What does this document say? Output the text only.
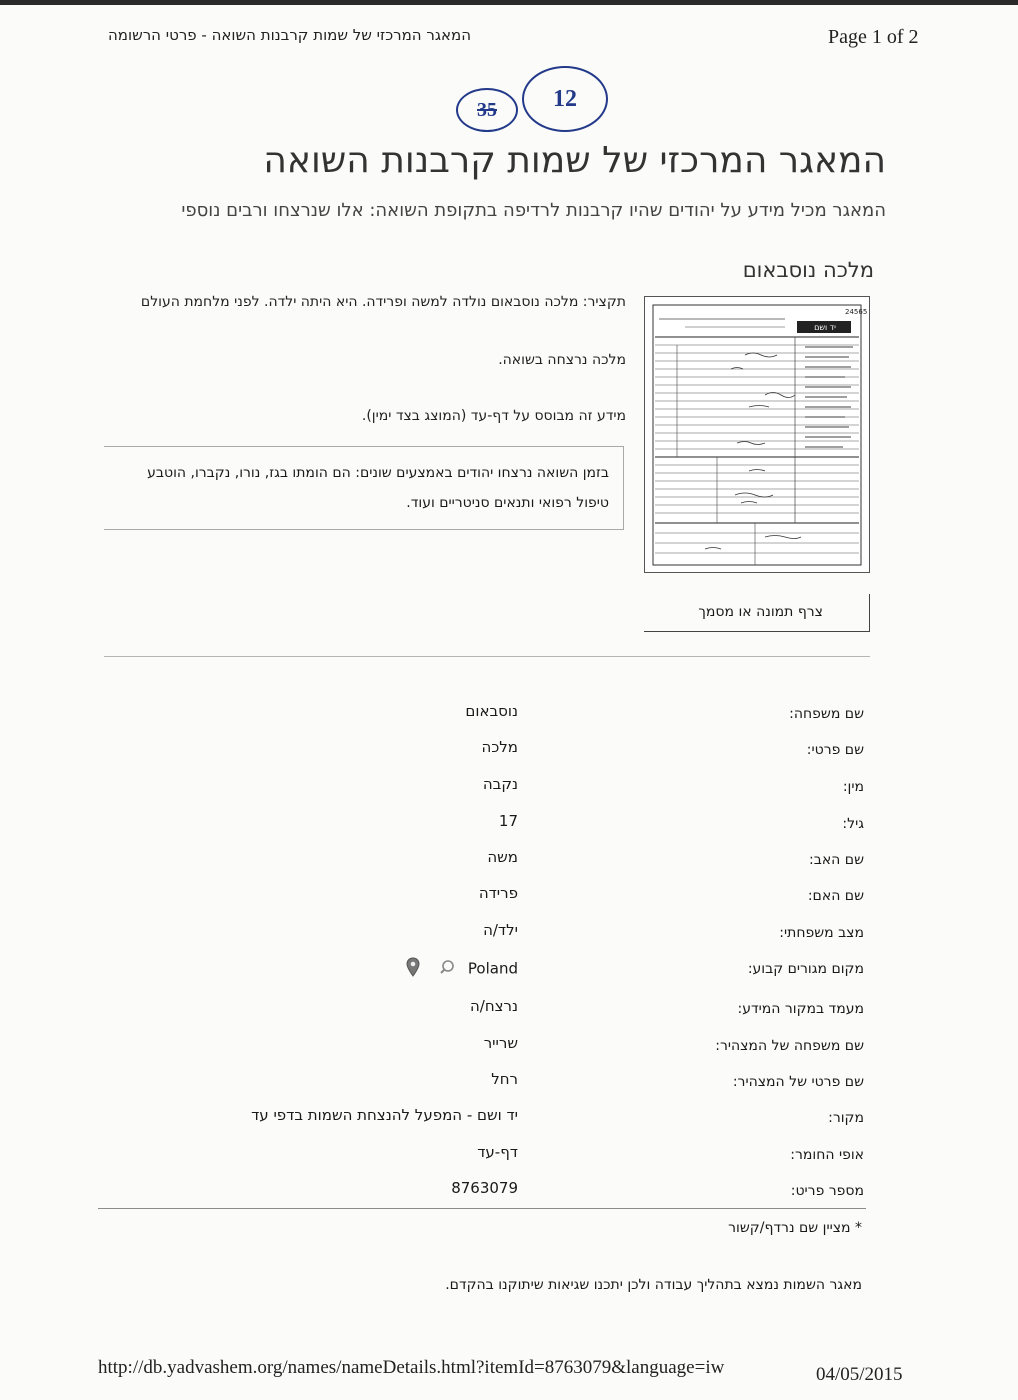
המאגר המרכזי של שמות קרבנות השואה - פרטי הרשומה	Page 1 of 2
35 12
המאגר המרכזי של שמות קרבנות השואה
המאגר מכיל מידע על יהודים שהיו קרבנות לרדיפה בתקופת השואה: אלו שנרצחו ורבים נוספי
מלכה נוסבאום
תקציר: מלכה נוסבאום נולדה למשה ופרידה. היא היתה ילדה. לפני מלחמת העולם
מלכה נרצחה בשואה.
מידע זה מבוסס על דף-עד (המוצג בצד ימין).
בזמן השואה נרצחו יהודים באמצעים שונים: הם הומתו בגז, נורו, נקברו, הוטבע
טיפול רפואי ותנאים סניטריים ועוד.
24565
יד ושם
צרף תמונה או מסמך
שם משפחה:
נוסבאום
שם פרטי:
מלכה
מין:
נקבה
גיל:
17
שם האב:
משה
שם האם:
פרידה
מצב משפחתי:
ילד/ה
מקום מגורים קבוע:
Poland
מעמד במקור המידע:
נרצח/ה
שם משפחה של המצהיר:
שרייר
שם פרטי של המצהיר:
רחל
מקור:
יד ושם - המפעל להנצחת השמות בדפי עד
אופי החומר:
דף-עד
מספר פריט:
8763079
* מציין שם נרדף/קשור
מאגר השמות נמצא בתהליך עבודה ולכן יתכנו שגיאות שיתוקנו בהקדם.
http://db.yadvashem.org/names/nameDetails.html?itemId=8763079&language=iw	04/05/2015
